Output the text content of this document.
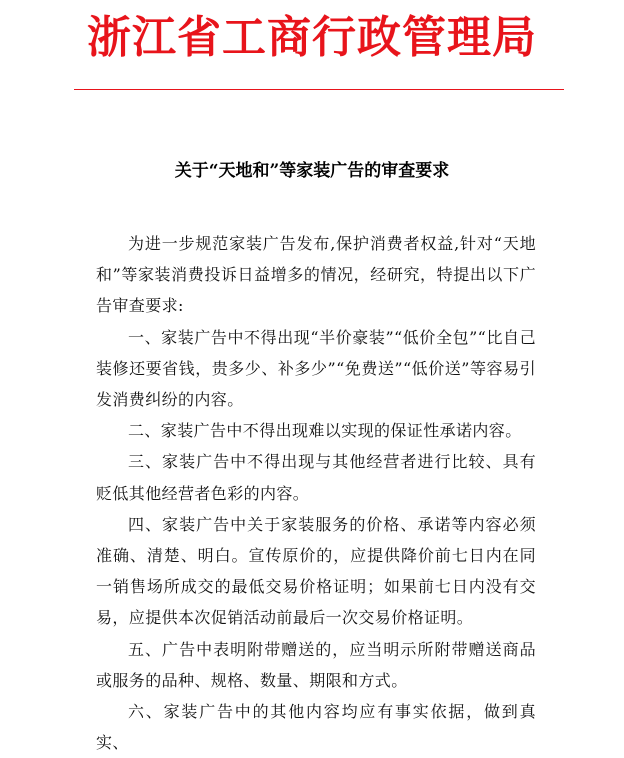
浙江省工商行政管理局
关于“天地和”等家装广告的审查要求

为进一步规范家装广告发布,保护消费者权益,针对“天地和”等家装消费投诉日益增多的情况，经研究，特提出以下广告审查要求:

一、家装广告中不得出现“半价豪装”“低价全包”“比自己装修还要省钱，贵多少、补多少”“免费送”“低价送”等容易引发消费纠纷的内容。

二、家装广告中不得出现难以实现的保证性承诺内容。

三、家装广告中不得出现与其他经营者进行比较、具有贬低其他经营者色彩的内容。

四、家装广告中关于家装服务的价格、承诺等内容必须准确、清楚、明白。宣传原价的，应提供降价前七日内在同一销售场所成交的最低交易价格证明；如果前七日内没有交易，应提供本次促销活动前最后一次交易价格证明。

五、广告中表明附带赠送的，应当明示所附带赠送商品或服务的品种、规格、数量、期限和方式。

六、家装广告中的其他内容均应有事实依据，做到真实、
